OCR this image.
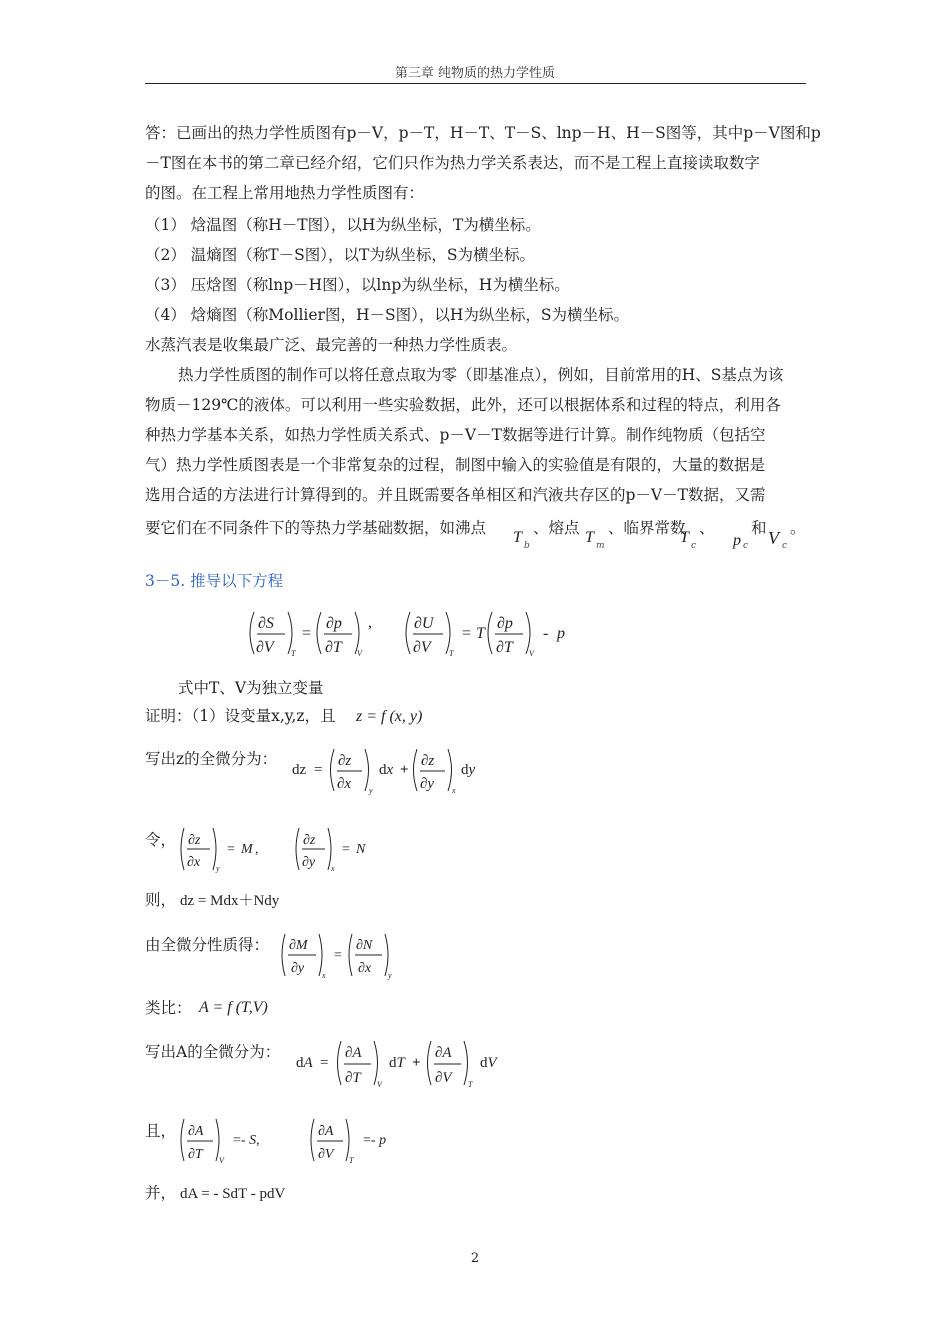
第三章 纯物质的热力学性质
答：已画出的热力学性质图有p－V，p－T，H－T、T－S、lnp－H、H－S图等，其中p－V图和p
－T图在本书的第二章已经介绍，它们只作为热力学关系表达，而不是工程上直接读取数字
的图。在工程上常用地热力学性质图有：
（1） 焓温图（称H－T图），以H为纵坐标，T为横坐标。
（2） 温熵图（称T－S图），以T为纵坐标，S为横坐标。
（3） 压焓图（称lnp－H图），以lnp为纵坐标，H为横坐标。
（4） 焓熵图（称Mollier图，H－S图），以H为纵坐标，S为横坐标。
水蒸汽表是收集最广泛、最完善的一种热力学性质表。
热力学性质图的制作可以将任意点取为零（即基准点），例如，目前常用的H、S基点为该
物质－129℃的液体。可以利用一些实验数据，此外，还可以根据体系和过程的特点，利用各
种热力学基本关系，如热力学性质关系式、p－V－T数据等进行计算。制作纯物质（包括空
气）热力学性质图表是一个非常复杂的过程，制图中输入的实验值是有限的，大量的数据是
选用合适的方法进行计算得到的。并且既需要各单相区和汽液共存区的p－V－T数据，又需
要它们在不同条件下的等热力学基础数据，如沸点
T b
、熔点
T m
、临界常数
T c
、
p c
和 V c
。
3－5. 推导以下方程
∂S
∂V T
=
∂p
∂T V
,	∂U
∂V T
= T
∂p
∂T V
- p
式中T、V为独立变量
证明：（1）设变量x,y,z，且 z = f (x, y)
写出z的全微分为：
dz =
∂z
∂x y
dx +
∂z
∂y x
dy
令， ∂z
∂x y
= M ,
∂z
∂y x
= N
则， dz = Mdx＋Ndy
由全微分性质得： ∂M
∂y x
=
∂N
∂x y
类比： A = f (T,V)
写出A的全微分为：
dA =
∂A
∂T V
dT +
∂A
∂V T
dV
且， ∂A
∂T V
=- S,
∂A
∂V T
=- p
并， dA = - SdT - pdV
2
